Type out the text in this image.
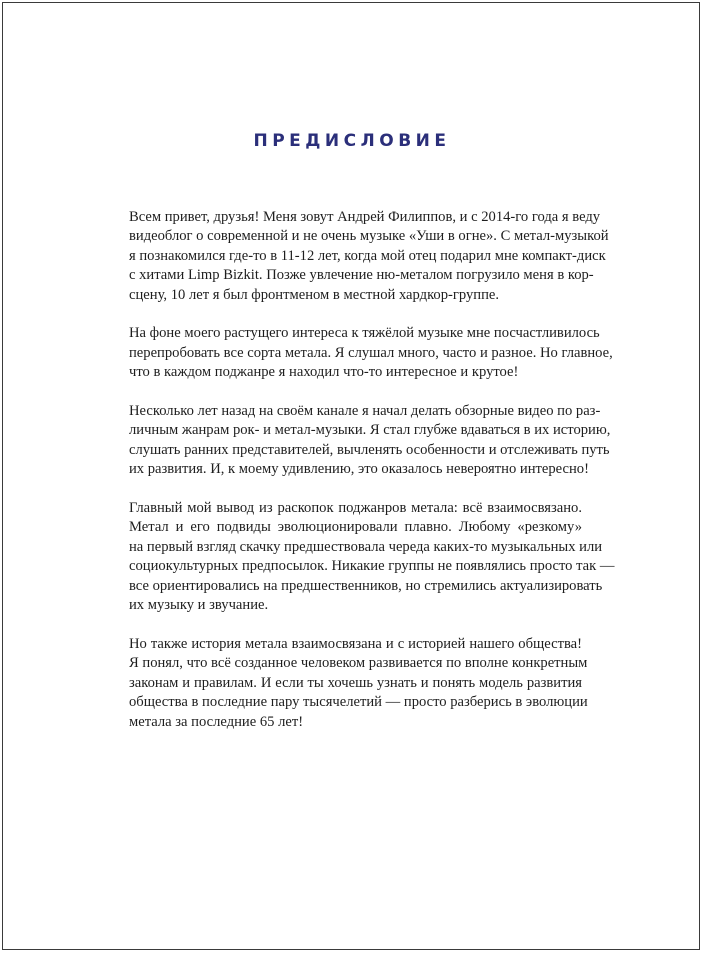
ПРЕДИСЛОВИЕ

Всем привет, друзья! Меня зовут Андрей Филиппов, и с 2014-го года я веду
видеоблог о современной и не очень музыке «Уши в огне». С метал-музыкой
я познакомился где-то в 11-12 лет, когда мой отец подарил мне компакт-диск
с хитами Limp Bizkit. Позже увлечение ню-металом погрузило меня в кор-
сцену, 10 лет я был фронтменом в местной хардкор-группе.

На фоне моего растущего интереса к тяжёлой музыке мне посчастливилось
перепробовать все сорта метала. Я слушал много, часто и разное. Но главное,
что в каждом поджанре я находил что-то интересное и крутое!

Несколько лет назад на своём канале я начал делать обзорные видео по раз-
личным жанрам рок- и метал-музыки. Я стал глубже вдаваться в их историю,
слушать ранних представителей, вычленять особенности и отслеживать путь
их развития. И, к моему удивлению, это оказалось невероятно интересно!

Главный мой вывод из раскопок поджанров метала: всё взаимосвязано.
Метал и его подвиды эволюционировали плавно. Любому «резкому»
на первый взгляд скачку предшествовала череда каких-то музыкальных или
социокультурных предпосылок. Никакие группы не появлялись просто так —
все ориентировались на предшественников, но стремились актуализировать
их музыку и звучание.

Но также история метала взаимосвязана и с историей нашего общества!
Я понял, что всё созданное человеком развивается по вполне конкретным
законам и правилам. И если ты хочешь узнать и понять модель развития
общества в последние пару тысячелетий — просто разберись в эволюции
метала за последние 65 лет!
